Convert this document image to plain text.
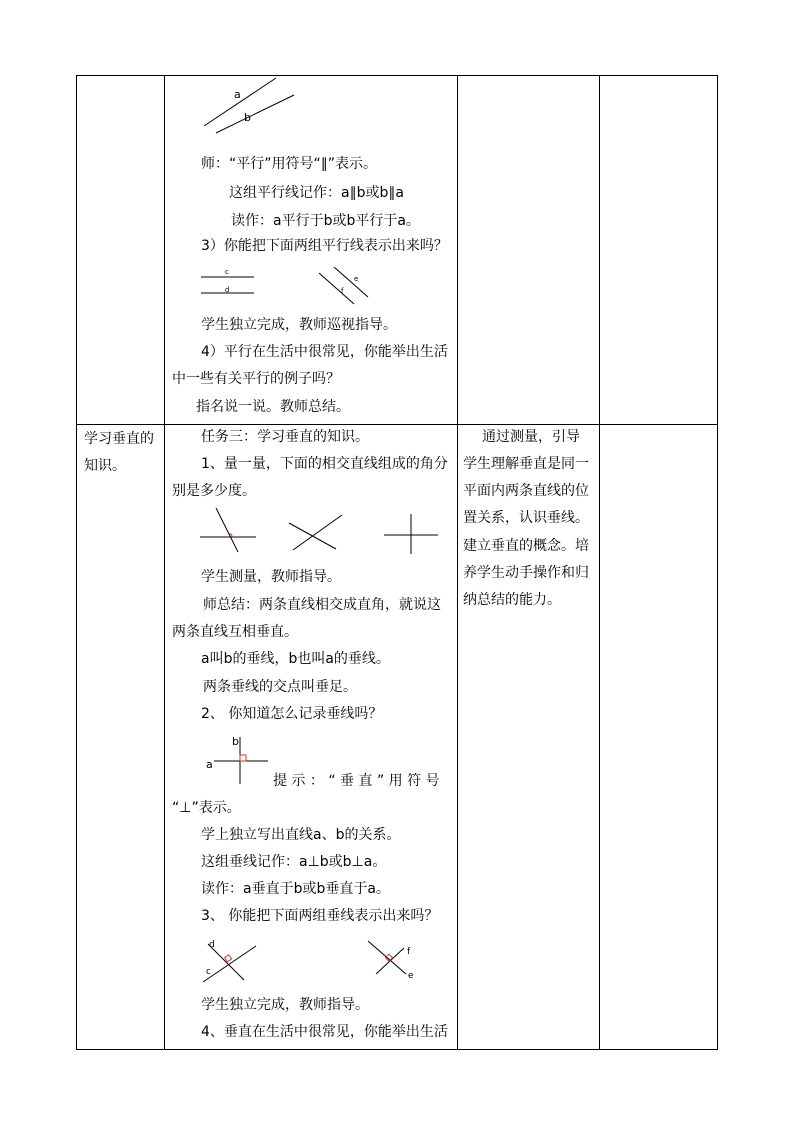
a
b
师：“平行”用符号“∥”表示。
这组平行线记作：a∥b或b∥a
读作：a平行于b或b平行于a。
3）你能把下面两组平行线表示出来吗？
c
d
e
f
学生独立完成，教师巡视指导。
4）平行在生活中很常见，你能举出生活
中一些有关平行的例子吗？
指名说一说。教师总结。
学习垂直的知识。
任务三：学习垂直的知识。
1、量一量，下面的相交直线组成的角分
别是多少度。
学生测量，教师指导。
师总结：两条直线相交成直角，就说这
两条直线互相垂直。
a叫b的垂线，b也叫a的垂线。
两条垂线的交点叫垂足。
2、 你知道怎么记录垂线吗？
b
a
提 示 ： “ 垂 直 ” 用 符 号
“⊥”表示。
学上独立写出直线a、b的关系。
这组垂线记作：a⊥b或b⊥a。
读作：a垂直于b或b垂直于a。
3、 你能把下面两组垂线表示出来吗？
d
c
f
e
学生独立完成，教师指导。
4、垂直在生活中很常见，你能举出生活
通过测量，引导
学生理解垂直是同一
平面内两条直线的位
置关系，认识垂线。
建立垂直的概念。培
养学生动手操作和归
纳总结的能力。
